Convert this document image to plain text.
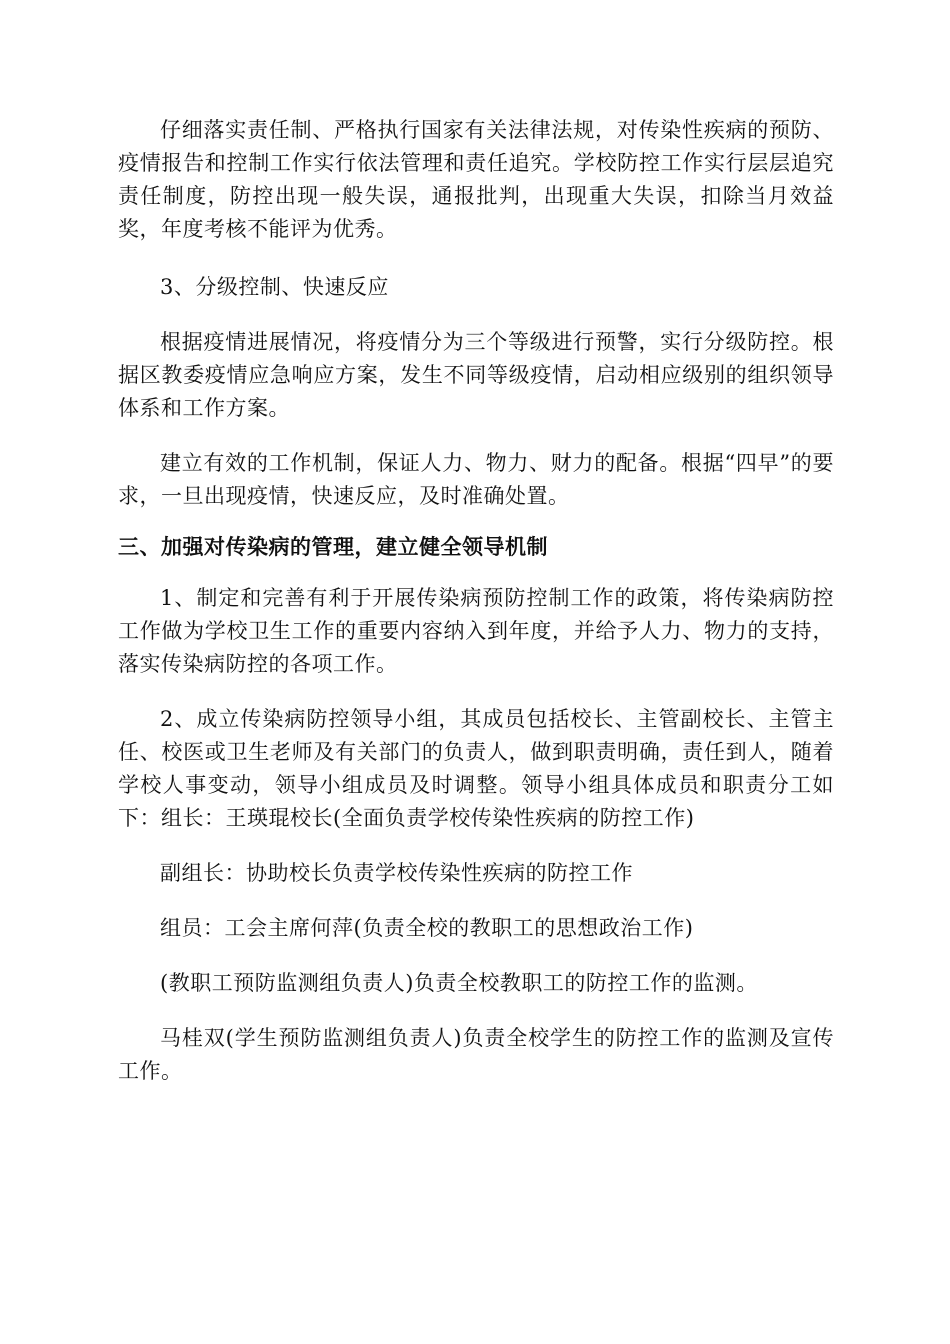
仔细落实责任制、严格执行国家有关法律法规，对传染性疾病的预防、疫情报告和控制工作实行依法管理和责任追究。学校防控工作实行层层追究责任制度，防控出现一般失误，通报批判，出现重大失误，扣除当月效益奖，年度考核不能评为优秀。

3、分级控制、快速反应

根据疫情进展情况，将疫情分为三个等级进行预警，实行分级防控。根据区教委疫情应急响应方案，发生不同等级疫情，启动相应级别的组织领导体系和工作方案。

建立有效的工作机制，保证人力、物力、财力的配备。根据“四早”的要求，一旦出现疫情，快速反应，及时准确处置。

三、加强对传染病的管理，建立健全领导机制

1、制定和完善有利于开展传染病预防控制工作的政策，将传染病防控工作做为学校卫生工作的重要内容纳入到年度，并给予人力、物力的支持，落实传染病防控的各项工作。

2、成立传染病防控领导小组，其成员包括校长、主管副校长、主管主任、校医或卫生老师及有关部门的负责人，做到职责明确，责任到人，随着学校人事变动，领导小组成员及时调整。领导小组具体成员和职责分工如下：组长：王瑛琨校长(全面负责学校传染性疾病的防控工作)

副组长：协助校长负责学校传染性疾病的防控工作

组员：工会主席何萍(负责全校的教职工的思想政治工作)

(教职工预防监测组负责人)负责全校教职工的防控工作的监测。

马桂双(学生预防监测组负责人)负责全校学生的防控工作的监测及宣传工作。
